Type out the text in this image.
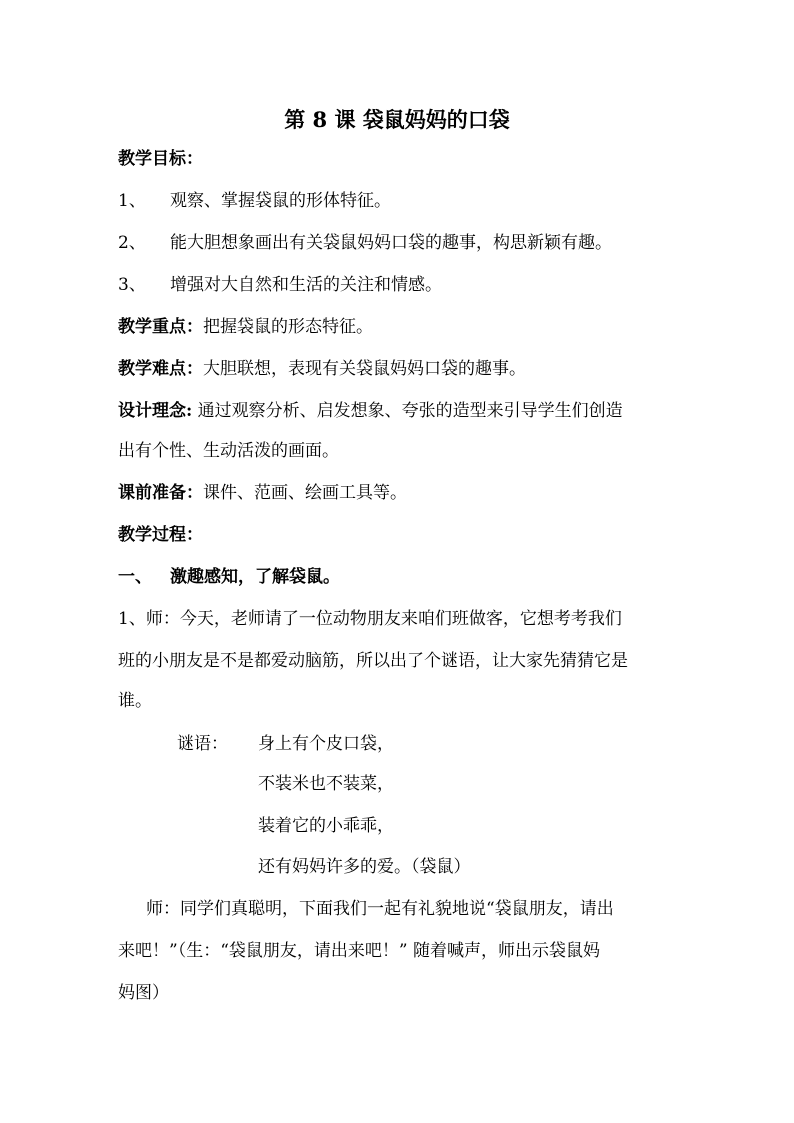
第 8 课 袋鼠妈妈的口袋
教学目标：
1、 观察、掌握袋鼠的形体特征。
2、 能大胆想象画出有关袋鼠妈妈口袋的趣事，构思新颖有趣。
3、 增强对大自然和生活的关注和情感。
教学重点：把握袋鼠的形态特征。
教学难点：大胆联想，表现有关袋鼠妈妈口袋的趣事。
设计理念: 通过观察分析、启发想象、夸张的造型来引导学生们创造
出有个性、生动活泼的画面。
课前准备：课件、范画、绘画工具等。
教学过程：
一、 激趣感知，了解袋鼠。
1、师：今天，老师请了一位动物朋友来咱们班做客，它想考考我们
班的小朋友是不是都爱动脑筋，所以出了个谜语，让大家先猜猜它是
谁。
谜语： 身上有个皮口袋，
不装米也不装菜，
装着它的小乖乖，
还有妈妈许多的爱。（袋鼠）
师：同学们真聪明，下面我们一起有礼貌地说“袋鼠朋友，请出
来吧！”（生：“袋鼠朋友，请出来吧！” 随着喊声，师出示袋鼠妈
妈图）
